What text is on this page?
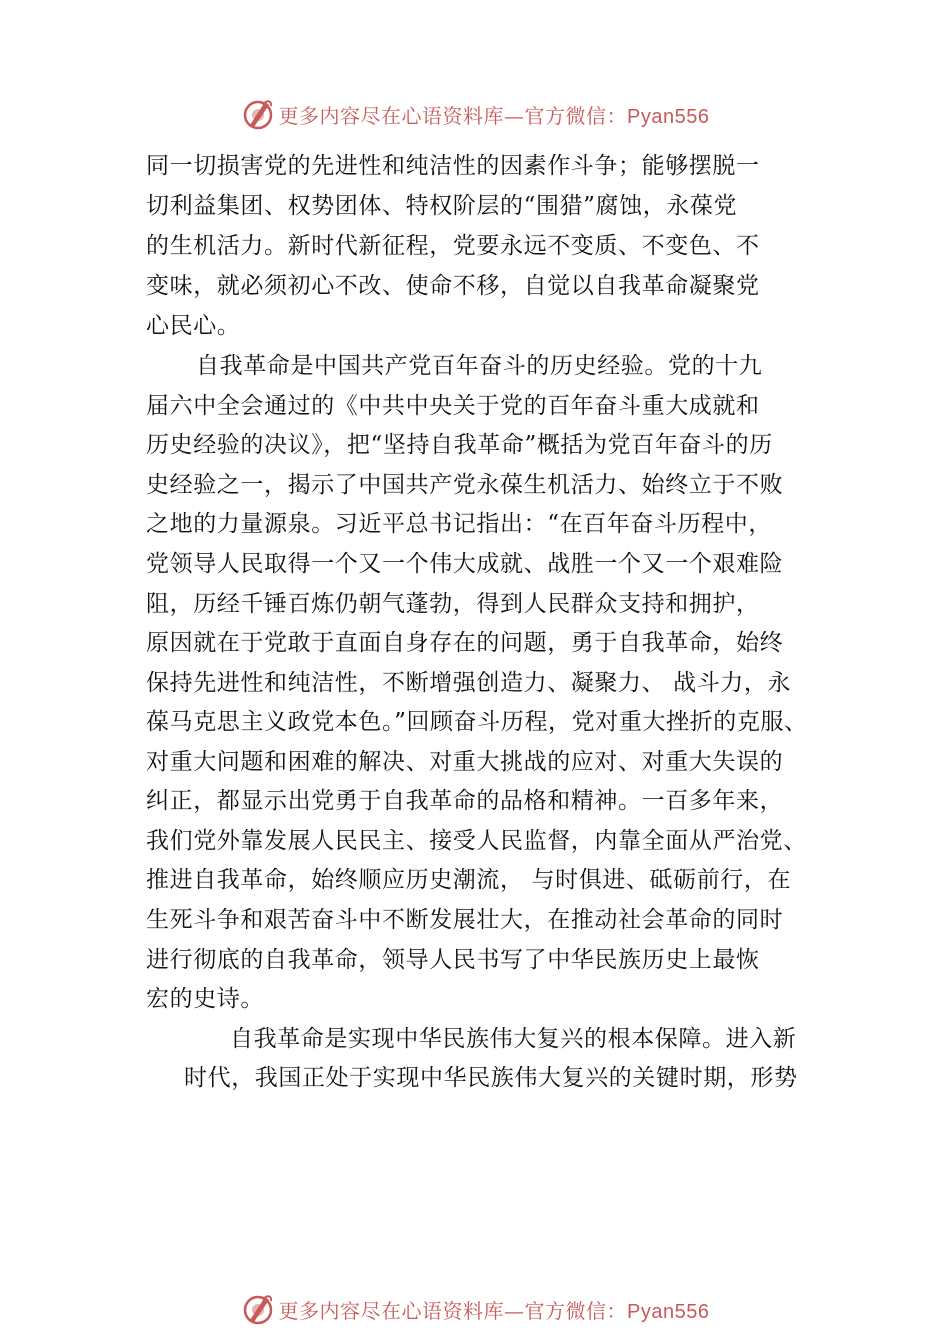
更多内容尽在心语资料库—官方微信：Pyan556
同一切损害党的先进性和纯洁性的因素作斗争；能够摆脱一
切利益集团、权势团体、特权阶层的“围猎”腐蚀，永葆党
的生机活力。新时代新征程，党要永远不变质、不变色、不
变味，就必须初心不改、使命不移，自觉以自我革命凝聚党
心民心。
自我革命是中国共产党百年奋斗的历史经验。党的十九
届六中全会通过的《中共中央关于党的百年奋斗重大成就和
历史经验的决议》，把“坚持自我革命”概括为党百年奋斗的历
史经验之一，揭示了中国共产党永葆生机活力、始终立于不败
之地的力量源泉。习近平总书记指出：“在百年奋斗历程中，
党领导人民取得一个又一个伟大成就、战胜一个又一个艰难险
阻，历经千锤百炼仍朝气蓬勃，得到人民群众支持和拥护，
原因就在于党敢于直面自身存在的问题，勇于自我革命，始终
保持先进性和纯洁性，不断增强创造力、凝聚力、 战斗力，永
葆马克思主义政党本色。”回顾奋斗历程，党对重大挫折的克服、
对重大问题和困难的解决、对重大挑战的应对、对重大失误的
纠正，都显示出党勇于自我革命的品格和精神。一百多年来，
我们党外靠发展人民民主、接受人民监督，内靠全面从严治党、
推进自我革命，始终顺应历史潮流， 与时俱进、砥砺前行，在
生死斗争和艰苦奋斗中不断发展壮大，在推动社会革命的同时
进行彻底的自我革命，领导人民书写了中华民族历史上最恢
宏的史诗。
自我革命是实现中华民族伟大复兴的根本保障。进入新
时代，我国正处于实现中华民族伟大复兴的关键时期，形势
更多内容尽在心语资料库—官方微信：Pyan556
